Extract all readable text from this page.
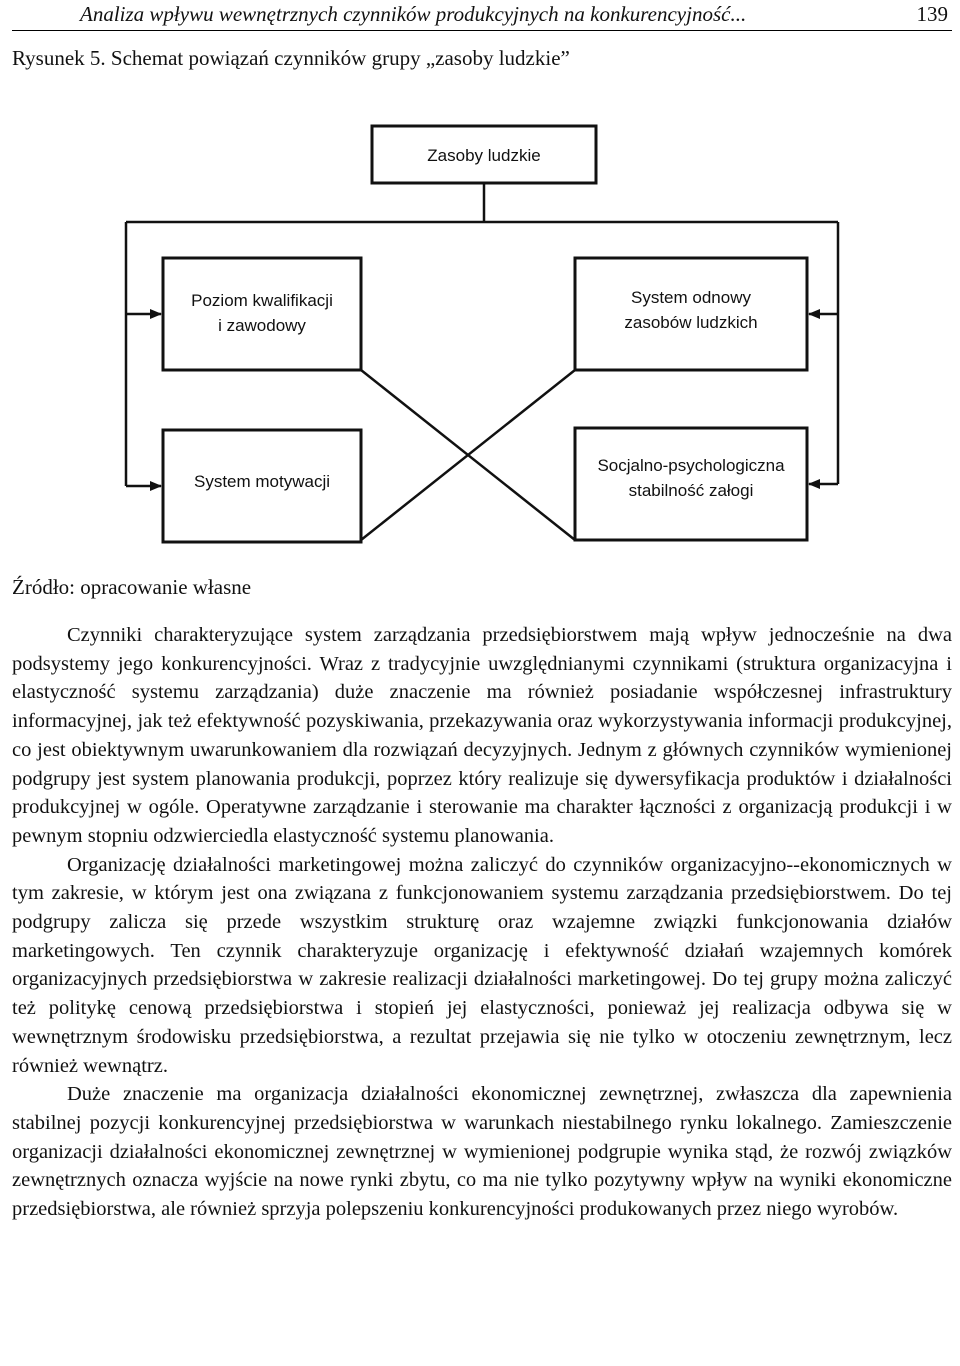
Analiza wpływu wewnętrznych czynników produkcyjnych na konkurencyjność...	139
Rysunek 5. Schemat powiązań czynników grupy „zasoby ludzkie”
Zasoby ludzkie
Poziom kwalifikacji
i zawodowy
System odnowy
zasobów ludzkich
System motywacji
Socjalno-psychologiczna
stabilność załogi
Źródło: opracowanie własne

Czynniki charakteryzujące system zarządzania przedsiębiorstwem mają wpływ jednocześnie na dwa podsystemy jego konkurencyjności. Wraz z tradycyjnie uwzględnianymi czynnikami (struktura organizacyjna i elastyczność systemu zarządzania) duże znaczenie ma również posiadanie współczesnej infrastruktury informacyjnej, jak też efektywność pozyskiwania, przekazywania oraz wykorzystywania informacji produkcyjnej, co jest obiektywnym uwarunkowaniem dla rozwiązań decyzyjnych. Jednym z głównych czynników wymienionej podgrupy jest system planowania produkcji, poprzez który realizuje się dywersyfikacja produktów i działalności produkcyjnej w ogóle. Operatywne zarządzanie i sterowanie ma charakter łączności z organizacją produkcji i w pewnym stopniu odzwierciedla elastyczność systemu planowania.

Organizację działalności marketingowej można zaliczyć do czynników organizacyjno--ekonomicznych w tym zakresie, w którym jest ona związana z funkcjonowaniem systemu zarządzania przedsiębiorstwem. Do tej podgrupy zalicza się przede wszystkim strukturę oraz wzajemne związki funkcjonowania działów marketingowych. Ten czynnik charakteryzuje organizację i efektywność działań wzajemnych komórek organizacyjnych przedsiębiorstwa w zakresie realizacji działalności marketingowej. Do tej grupy można zaliczyć też politykę cenową przedsiębiorstwa i stopień jej elastyczności, ponieważ jej realizacja odbywa się w wewnętrznym środowisku przedsiębiorstwa, a rezultat przejawia się nie tylko w otoczeniu zewnętrznym, lecz również wewnątrz.

Duże znaczenie ma organizacja działalności ekonomicznej zewnętrznej, zwłaszcza dla zapewnienia stabilnej pozycji konkurencyjnej przedsiębiorstwa w warunkach niestabilnego rynku lokalnego. Zamieszczenie organizacji działalności ekonomicznej zewnętrznej w wymienionej podgrupie wynika stąd, że rozwój związków zewnętrznych oznacza wyjście na nowe rynki zbytu, co ma nie tylko pozytywny wpływ na wyniki ekonomiczne przedsiębiorstwa, ale również sprzyja polepszeniu konkurencyjności produkowanych przez niego wyrobów.
